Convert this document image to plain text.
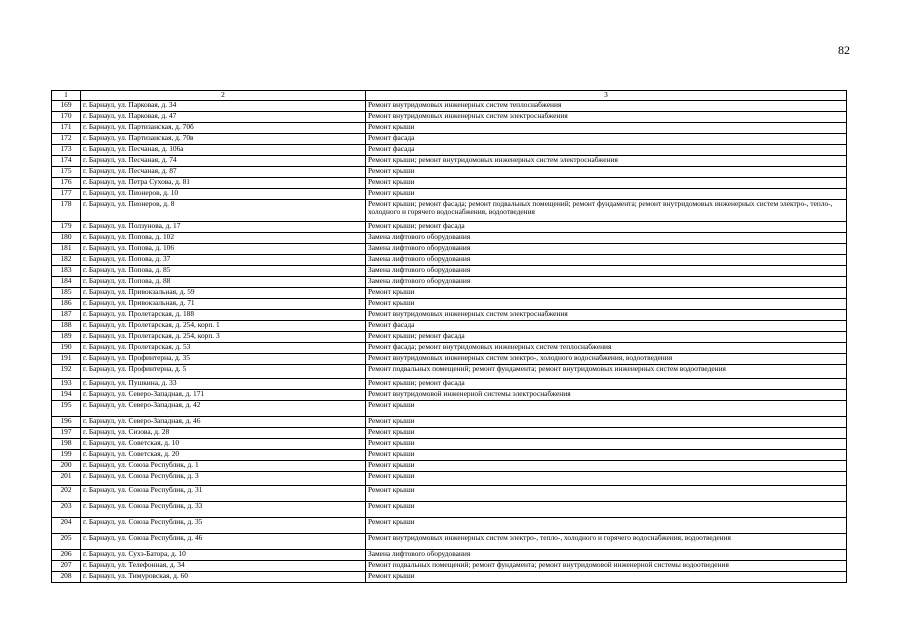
82
1	2	3
169	г. Барнаул, ул. Парковая, д. 34	Ремонт внутридомовых инженерных систем теплоснабжения
170	г. Барнаул, ул. Парковая, д. 47	Ремонт внутридомовых инженерных систем электроснабжения
171	г. Барнаул, ул. Партизанская, д. 70б	Ремонт крыши
172	г. Барнаул, ул. Партизанская, д. 70в	Ремонт фасада
173	г. Барнаул, ул. Песчаная, д. 106а	Ремонт фасада
174	г. Барнаул, ул. Песчаная, д. 74	Ремонт крыши; ремонт внутридомовых инженерных систем электроснабжения
175	г. Барнаул, ул. Песчаная, д. 87	Ремонт крыши
176	г. Барнаул, ул. Петра Сухова, д. 81	Ремонт крыши
177	г. Барнаул, ул. Пионеров, д. 10	Ремонт крыши
178	г. Барнаул, ул. Пионеров, д. 8	Ремонт крыши; ремонт фасада; ремонт подвальных помещений; ремонт фундамента; ремонт внутридомовых инженерных систем электро-, тепло-, холодного и горячего водоснабжения, водоотведения
179	г. Барнаул, ул. Ползунова, д. 17	Ремонт крыши; ремонт фасада
180	г. Барнаул, ул. Попова, д. 102	Замена лифтового оборудования
181	г. Барнаул, ул. Попова, д. 106	Замена лифтового оборудования
182	г. Барнаул, ул. Попова, д. 37	Замена лифтового оборудования
183	г. Барнаул, ул. Попова, д. 85	Замена лифтового оборудования
184	г. Барнаул, ул. Попова, д. 88	Замена лифтового оборудования
185	г. Барнаул, ул. Привокзальная, д. 59	Ремонт крыши
186	г. Барнаул, ул. Привокзальная, д. 71	Ремонт крыши
187	г. Барнаул, ул. Пролетарская, д. 188	Ремонт внутридомовых инженерных систем электроснабжения
188	г. Барнаул, ул. Пролетарская, д. 254, корп. 1	Ремонт фасада
189	г. Барнаул, ул. Пролетарская, д. 254, корп. 3	Ремонт крыши; ремонт фасада
190	г. Барнаул, ул. Пролетарская, д. 53	Ремонт фасада; ремонт внутридомовых инженерных систем теплоснабжения
191	г. Барнаул, ул. Профинтерна, д. 35	Ремонт внутридомовых инженерных систем электро-, холодного водоснабжения, водоотведения
192	г. Барнаул, ул. Профинтерна, д. 5	Ремонт подвальных помещений; ремонт фундамента; ремонт внутридомовых инженерных систем водоотведения
193	г. Барнаул, ул. Пушкина, д. 33	Ремонт крыши; ремонт фасада
194	г. Барнаул, ул. Северо-Западная, д. 171	Ремонт внутридомовой инженерной системы электроснабжения
195	г. Барнаул, ул. Северо-Западная, д. 42	Ремонт крыши
196	г. Барнаул, ул. Северо-Западная, д. 46	Ремонт крыши
197	г. Барнаул, ул. Сизова, д. 28	Ремонт крыши
198	г. Барнаул, ул. Советская, д. 10	Ремонт крыши
199	г. Барнаул, ул. Советская, д. 20	Ремонт крыши
200	г. Барнаул, ул. Союза Республик, д. 1	Ремонт крыши
201	г. Барнаул, ул. Союза Республик, д. 3	Ремонт крыши
202	г. Барнаул, ул. Союза Республик, д. 31	Ремонт крыши
203	г. Барнаул, ул. Союза Республик, д. 33	Ремонт крыши
204	г. Барнаул, ул. Союза Республик, д. 35	Ремонт крыши
205	г. Барнаул, ул. Союза Республик, д. 46	Ремонт внутридомовых инженерных систем электро-, тепло-, холодного и горячего водоснабжения, водоотведения
206	г. Барнаул, ул. Сухэ-Батора, д. 10	Замена лифтового оборудования
207	г. Барнаул, ул. Телефонная, д. 34	Ремонт подвальных помещений; ремонт фундамента; ремонт внутридомовой инженерной системы водоотведения
208	г. Барнаул, ул. Тимуровская, д. 60	Ремонт крыши
